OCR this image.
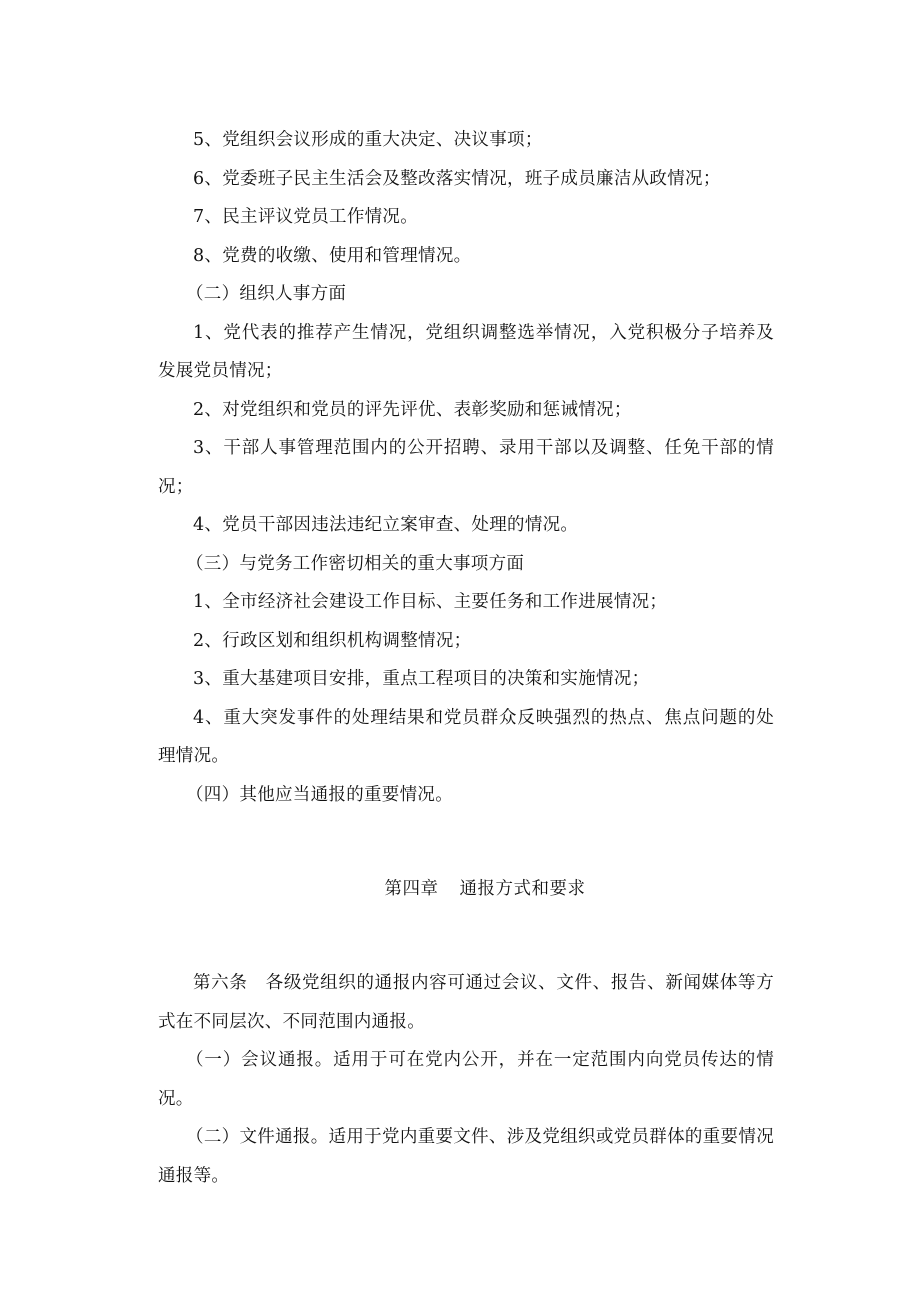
5、党组织会议形成的重大决定、决议事项；

6、党委班子民主生活会及整改落实情况，班子成员廉洁从政情况；

7、民主评议党员工作情况。

8、党费的收缴、使用和管理情况。

（二）组织人事方面

1、党代表的推荐产生情况，党组织调整选举情况，入党积极分子培养及发展党员情况；

2、对党组织和党员的评先评优、表彰奖励和惩诫情况；

3、干部人事管理范围内的公开招聘、录用干部以及调整、任免干部的情况；

4、党员干部因违法违纪立案审查、处理的情况。

（三）与党务工作密切相关的重大事项方面

1、全市经济社会建设工作目标、主要任务和工作进展情况；

2、行政区划和组织机构调整情况；

3、重大基建项目安排，重点工程项目的决策和实施情况；

4、重大突发事件的处理结果和党员群众反映强烈的热点、焦点问题的处理情况。

（四）其他应当通报的重要情况。

第四章 通报方式和要求

第六条　各级党组织的通报内容可通过会议、文件、报告、新闻媒体等方式在不同层次、不同范围内通报。

（一）会议通报。适用于可在党内公开，并在一定范围内向党员传达的情况。

（二）文件通报。适用于党内重要文件、涉及党组织或党员群体的重要情况通报等。
